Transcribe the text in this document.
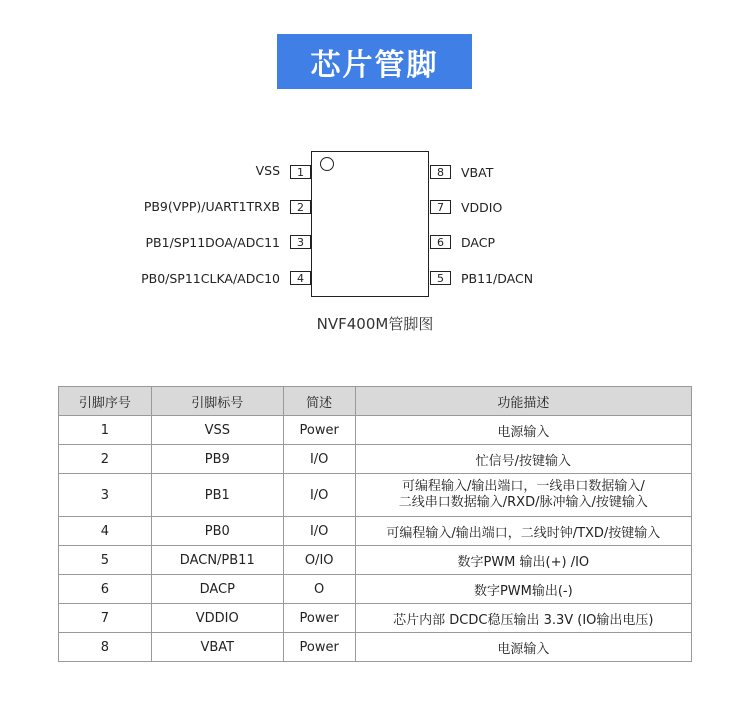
芯片管脚
VSS	1
PB9(VPP)/UART1TRXB	2
PB1/SP11DOA/ADC11	3
PB0/SP11CLKA/ADC10	4
8	VBAT
7	VDDIO
6	DACP
5	PB11/DACN
NVF400M管脚图
引脚序号	引脚标号	简述	功能描述
1	VSS	Power	电源输入
2	PB9	I/O	忙信号/按键输入
3	PB1	I/O	可编程输入/输出端口，一线串口数据输入/
二线串口数据输入/RXD/脉冲输入/按键输入

4	PB0	I/O	可编程输入/输出端口，二线时钟/TXD/按键输入
5	DACN/PB11	O/IO	数字PWM 输出(+) /IO
6	DACP	O	数字PWM输出(-)
7	VDDIO	Power	芯片内部 DCDC稳压输出 3.3V (IO输出电压)
8	VBAT	Power	电源输入
